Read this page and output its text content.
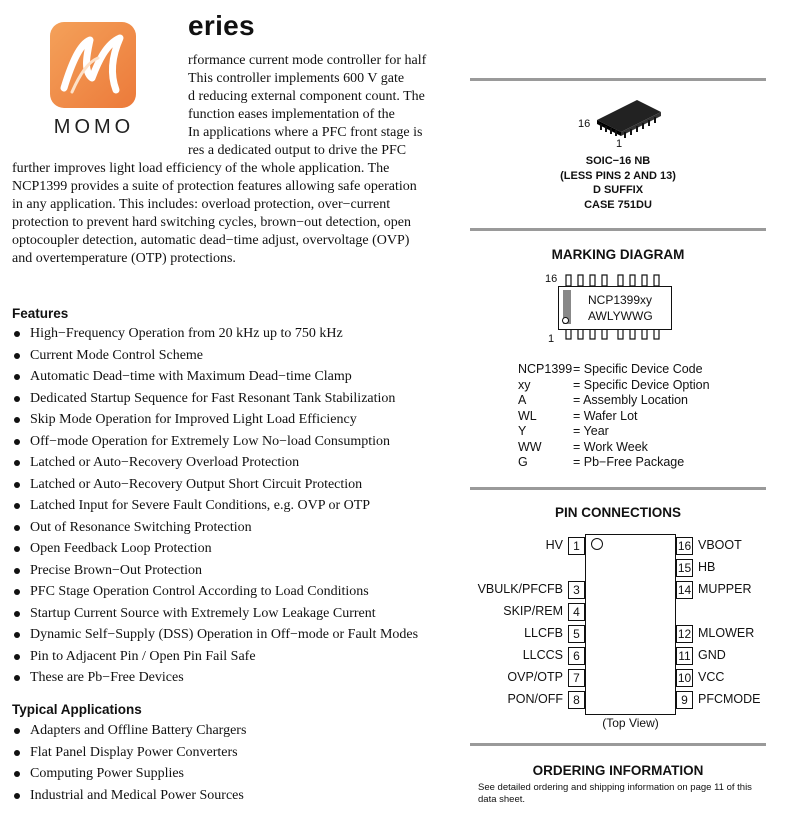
eries
rformance current mode controller for half
This controller implements 600 V gate
d reducing external component count. The
function eases implementation of the
In applications where a PFC front stage is
res a dedicated output to drive the PFC
further improves light load efficiency of the whole application. The
NCP1399 provides a suite of protection features allowing safe operation
in any application. This includes: overload protection, over−current
protection to prevent hard switching cycles, brown−out detection, open
optocoupler detection, automatic dead−time adjust, overvoltage (OVP)
and overtemperature (OTP) protections.
Features
High−Frequency Operation from 20 kHz up to 750 kHz
Current Mode Control Scheme
Automatic Dead−time with Maximum Dead−time Clamp
Dedicated Startup Sequence for Fast Resonant Tank Stabilization
Skip Mode Operation for Improved Light Load Efficiency
Off−mode Operation for Extremely Low No−load Consumption
Latched or Auto−Recovery Overload Protection
Latched or Auto−Recovery Output Short Circuit Protection
Latched Input for Severe Fault Conditions, e.g. OVP or OTP
Out of Resonance Switching Protection
Open Feedback Loop Protection
Precise Brown−Out Protection
PFC Stage Operation Control According to Load Conditions
Startup Current Source with Extremely Low Leakage Current
Dynamic Self−Supply (DSS) Operation in Off−mode or Fault Modes
Pin to Adjacent Pin / Open Pin Fail Safe
These are Pb−Free Devices
Typical Applications
Adapters and Offline Battery Chargers
Flat Panel Display Power Converters
Computing Power Supplies
Industrial and Medical Power Sources
MOMO	16
1
SOIC−16 NB
(LESS PINS 2 AND 13)
D SUFFIX
CASE 751DU
MARKING DIAGRAM
NCP1399xy
AWLYWWG
16
1
NCP1399= Specific Device Code
xy	= Specific Device Option
A	= Assembly Location
WL	= Wafer Lot
Y	= Year
WW	= Work Week
G	= Pb−Free Package
PIN CONNECTIONS
1
HV
3
VBULK/PFCFB
4
SKIP/REM
5
LLCFB
6
LLCCS
7
OVP/OTP
8
PON/OFF
16 VBOOT
15 HB
14 MUPPER
12 MLOWER
11 GND
10 VCC
9 PFCMODE
(Top View)
ORDERING INFORMATION
See detailed ordering and shipping information on page 11 of this data sheet.
